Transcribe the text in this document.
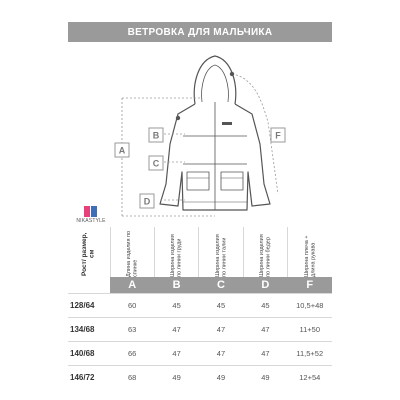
ВЕТРОВКА ДЛЯ МАЛЬЧИКА
A
B
C
D
F
NIKASTYLE
Рост/ размер, см	Длина изделия по спинке	Ширина изделия по линии груди	Ширина изделия по линии талии	Ширина изделия по линии бедер	Ширина плеча + длина рукава

	A	B	C	D	F
128/64	60	45	45	45	10,5+48
134/68	63	47	47	47	11+50
140/68	66	47	47	47	11,5+52
146/72	68	49	49	49	12+54
